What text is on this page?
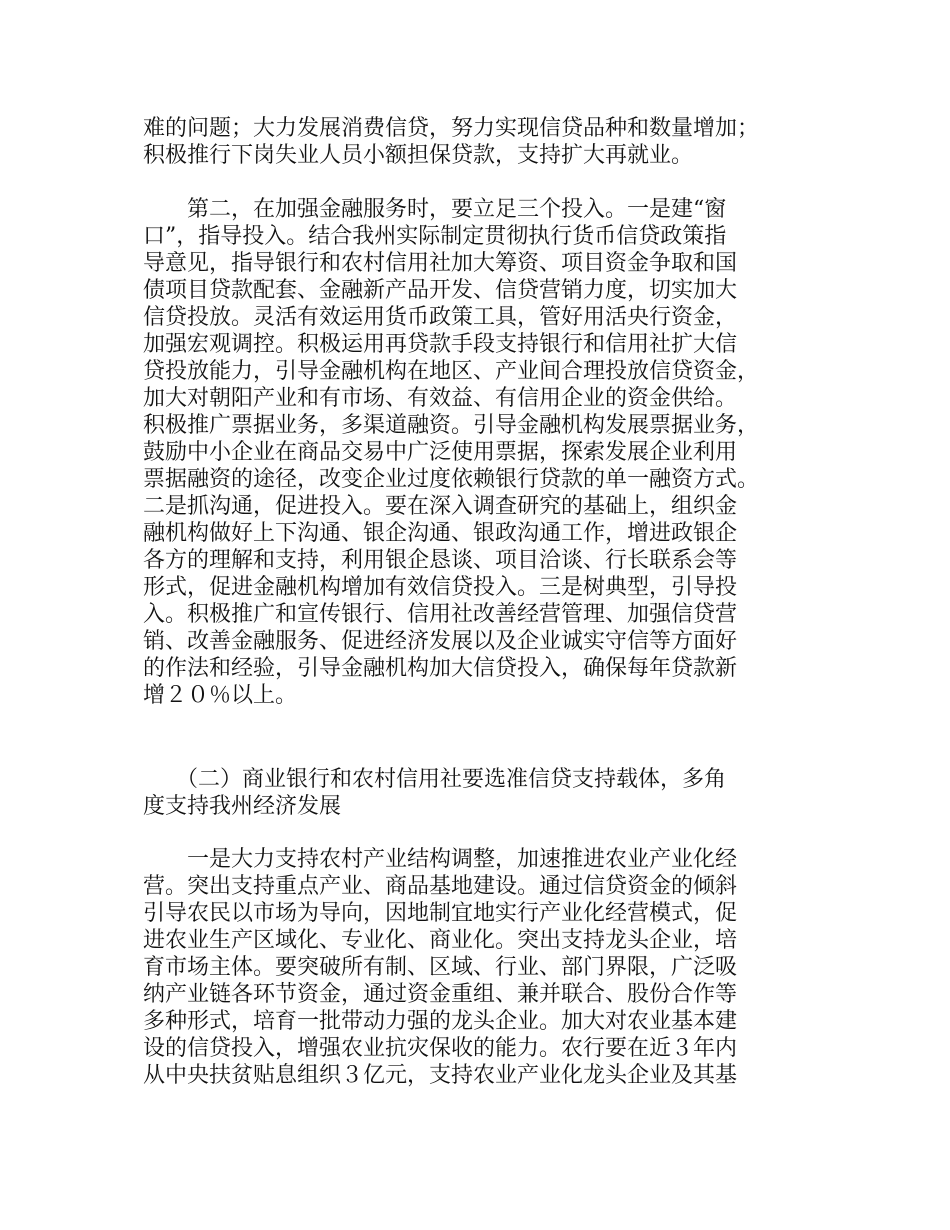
难的问题；大力发展消费信贷，努力实现信贷品种和数量增加；
积极推行下岗失业人员小额担保贷款，支持扩大再就业。
　　第二，在加强金融服务时，要立足三个投入。一是建“窗
口”，指导投入。结合我州实际制定贯彻执行货币信贷政策指
导意见，指导银行和农村信用社加大筹资、项目资金争取和国
债项目贷款配套、金融新产品开发、信贷营销力度，切实加大
信贷投放。灵活有效运用货币政策工具，管好用活央行资金，
加强宏观调控。积极运用再贷款手段支持银行和信用社扩大信
贷投放能力，引导金融机构在地区、产业间合理投放信贷资金，
加大对朝阳产业和有市场、有效益、有信用企业的资金供给。
积极推广票据业务，多渠道融资。引导金融机构发展票据业务，
鼓励中小企业在商品交易中广泛使用票据，探索发展企业利用
票据融资的途径，改变企业过度依赖银行贷款的单一融资方式。
二是抓沟通，促进投入。要在深入调查研究的基础上，组织金
融机构做好上下沟通、银企沟通、银政沟通工作，增进政银企
各方的理解和支持，利用银企恳谈、项目洽谈、行长联系会等
形式，促进金融机构增加有效信贷投入。三是树典型，引导投
入。积极推广和宣传银行、信用社改善经营管理、加强信贷营
销、改善金融服务、促进经济发展以及企业诚实守信等方面好
的作法和经验，引导金融机构加大信贷投入，确保每年贷款新
增２０％以上。
　　（二）商业银行和农村信用社要选准信贷支持载体，多角
度支持我州经济发展
　　一是大力支持农村产业结构调整，加速推进农业产业化经
营。突出支持重点产业、商品基地建设。通过信贷资金的倾斜
引导农民以市场为导向，因地制宜地实行产业化经营模式，促
进农业生产区域化、专业化、商业化。突出支持龙头企业，培
育市场主体。要突破所有制、区域、行业、部门界限，广泛吸
纳产业链各环节资金，通过资金重组、兼并联合、股份合作等
多种形式，培育一批带动力强的龙头企业。加大对农业基本建
设的信贷投入，增强农业抗灾保收的能力。农行要在近３年内
从中央扶贫贴息组织３亿元，支持农业产业化龙头企业及其基
